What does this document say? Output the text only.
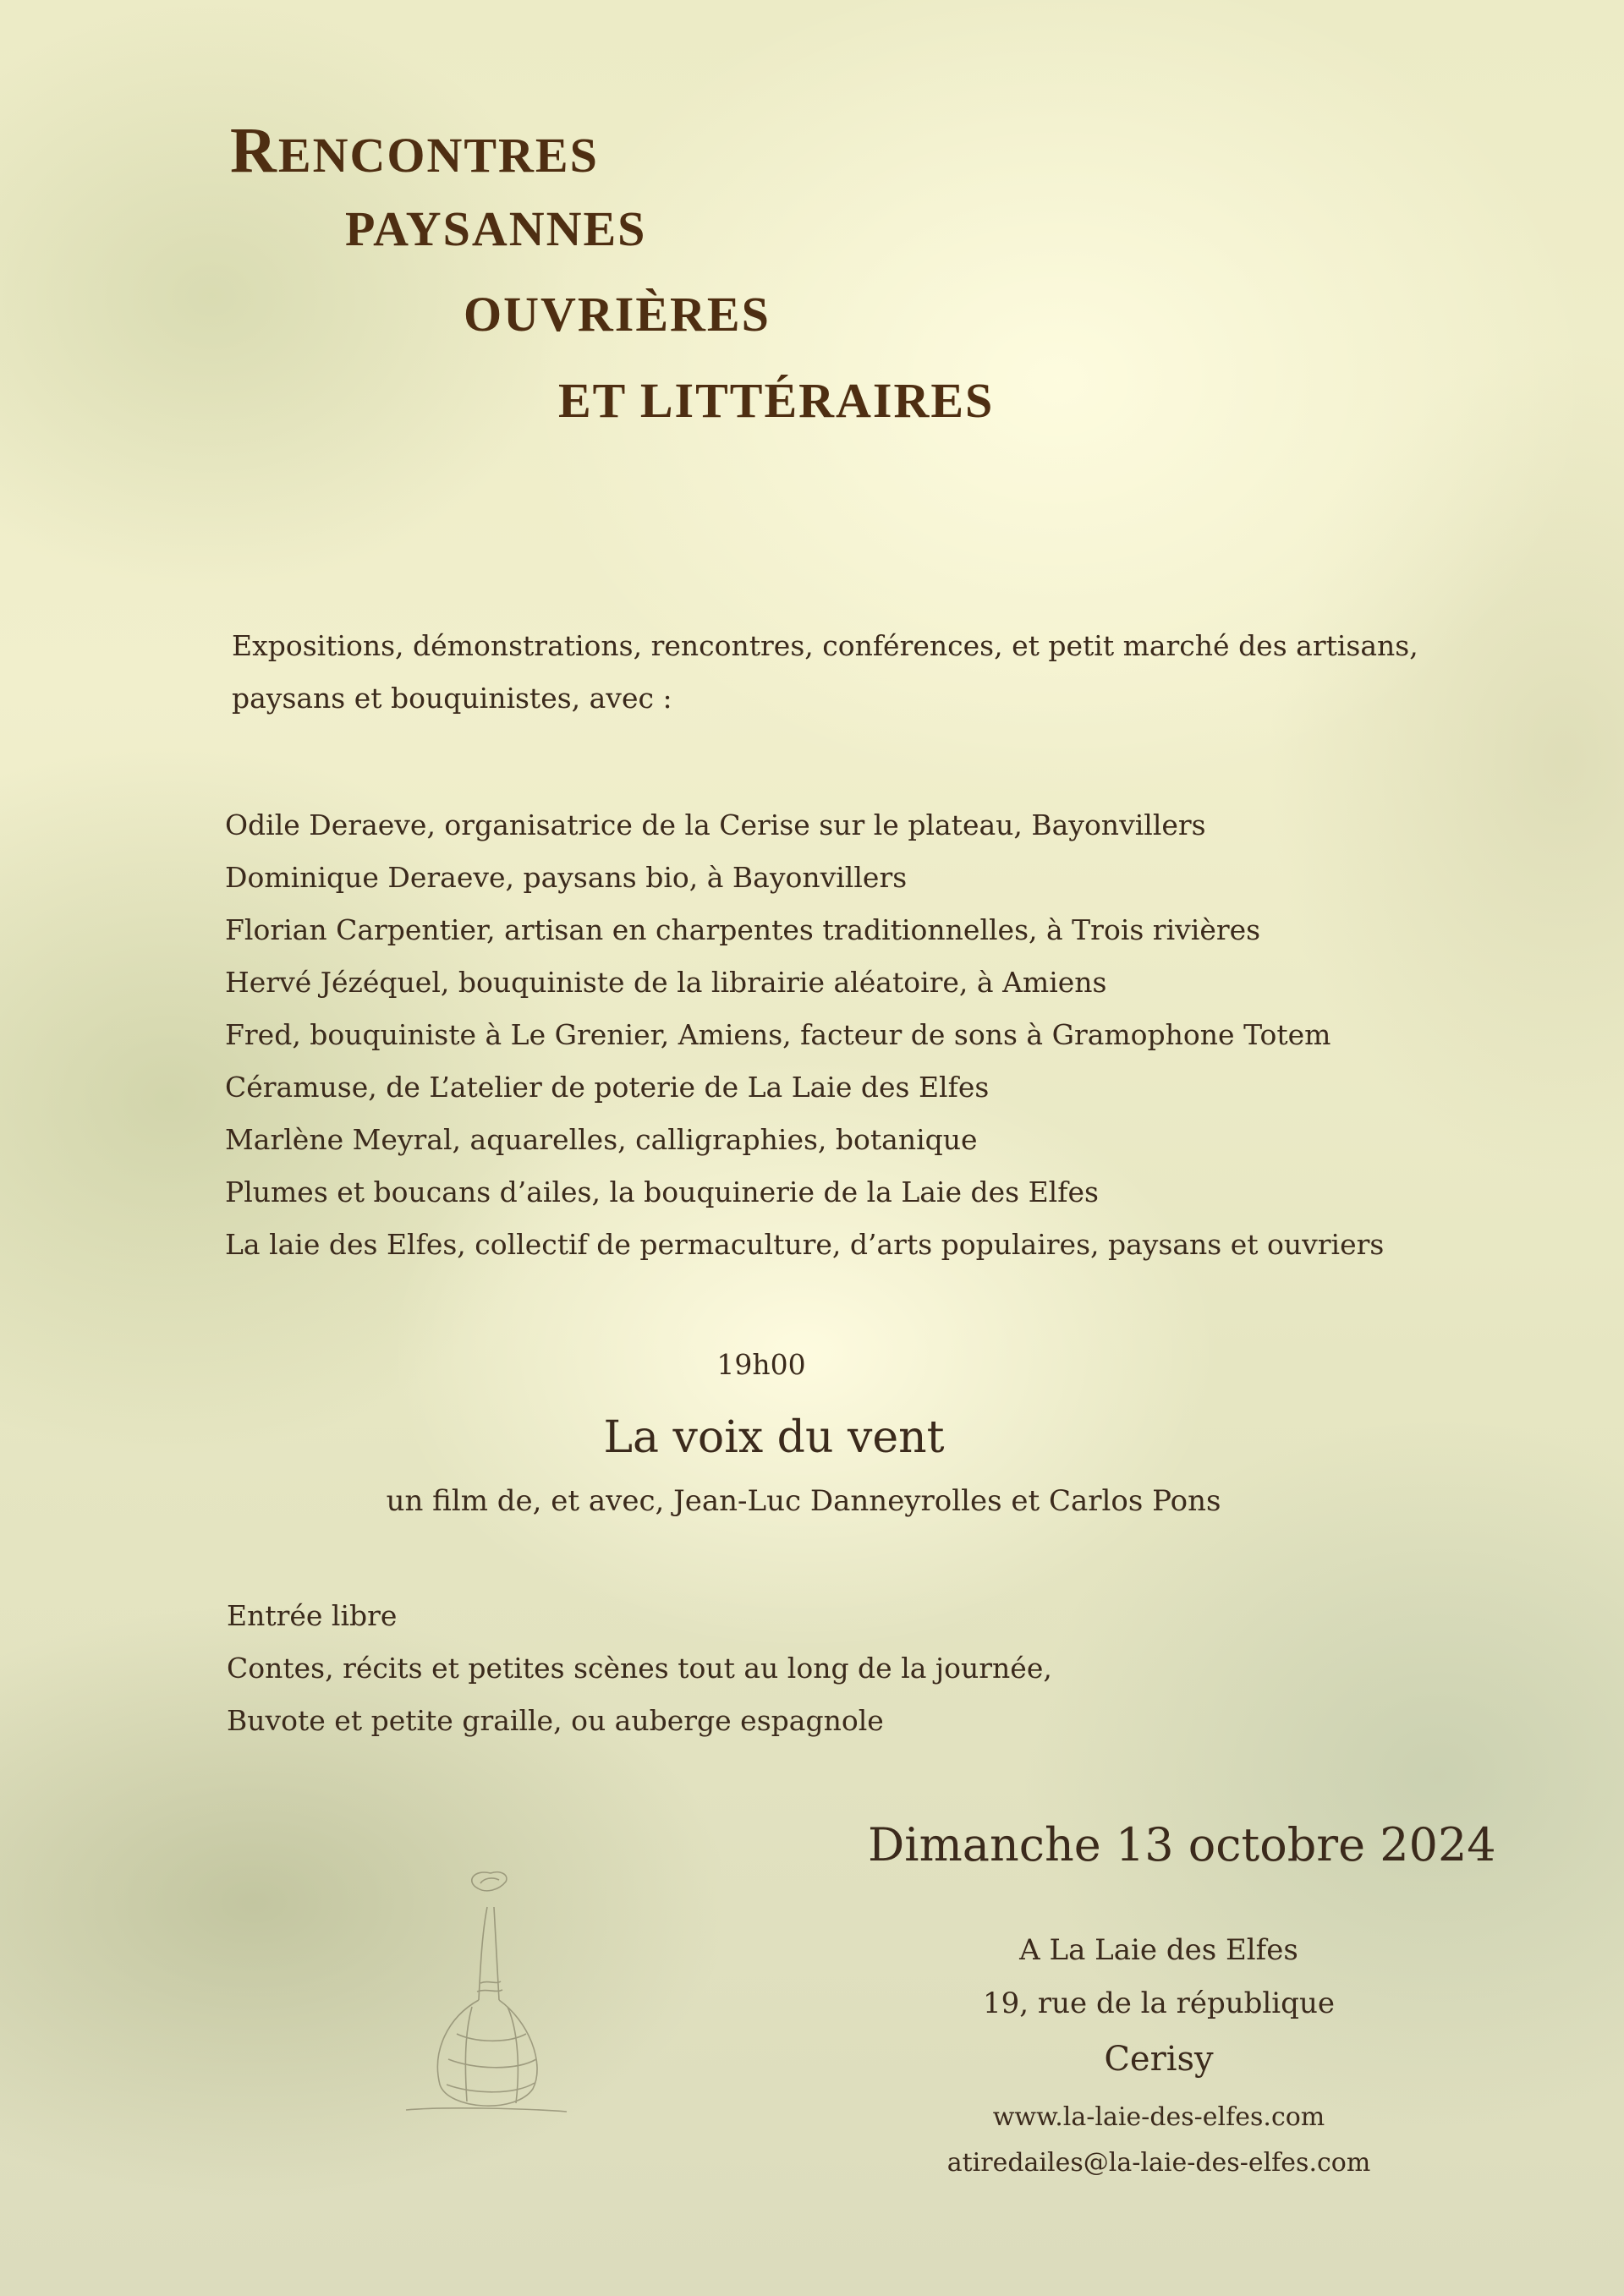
RENCONTRES
PAYSANNES
OUVRIÈRES
ET LITTÉRAIRES
Expositions, démonstrations, rencontres, conférences, et petit marché des artisans,
paysans et bouquinistes, avec :
Odile Deraeve, organisatrice de la Cerise sur le plateau, Bayonvillers
Dominique Deraeve, paysans bio, à Bayonvillers
Florian Carpentier, artisan en charpentes traditionnelles, à Trois rivières
Hervé Jézéquel, bouquiniste de la librairie aléatoire, à Amiens
Fred, bouquiniste à Le Grenier, Amiens, facteur de sons à Gramophone Totem
Céramuse, de L’atelier de poterie de La Laie des Elfes
Marlène Meyral, aquarelles, calligraphies, botanique
Plumes et boucans d’ailes, la bouquinerie de la Laie des Elfes
La laie des Elfes, collectif de permaculture, d’arts populaires, paysans et ouvriers
19h00
La voix du vent
un film de, et avec, Jean-Luc Danneyrolles et Carlos Pons
Entrée libre
Contes, récits et petites scènes tout au long de la journée,
Buvote et petite graille, ou auberge espagnole
Dimanche 13 octobre 2024
A La Laie des Elfes
19, rue de la république
Cerisy
www.la-laie-des-elfes.com
atiredailes@la-laie-des-elfes.com
